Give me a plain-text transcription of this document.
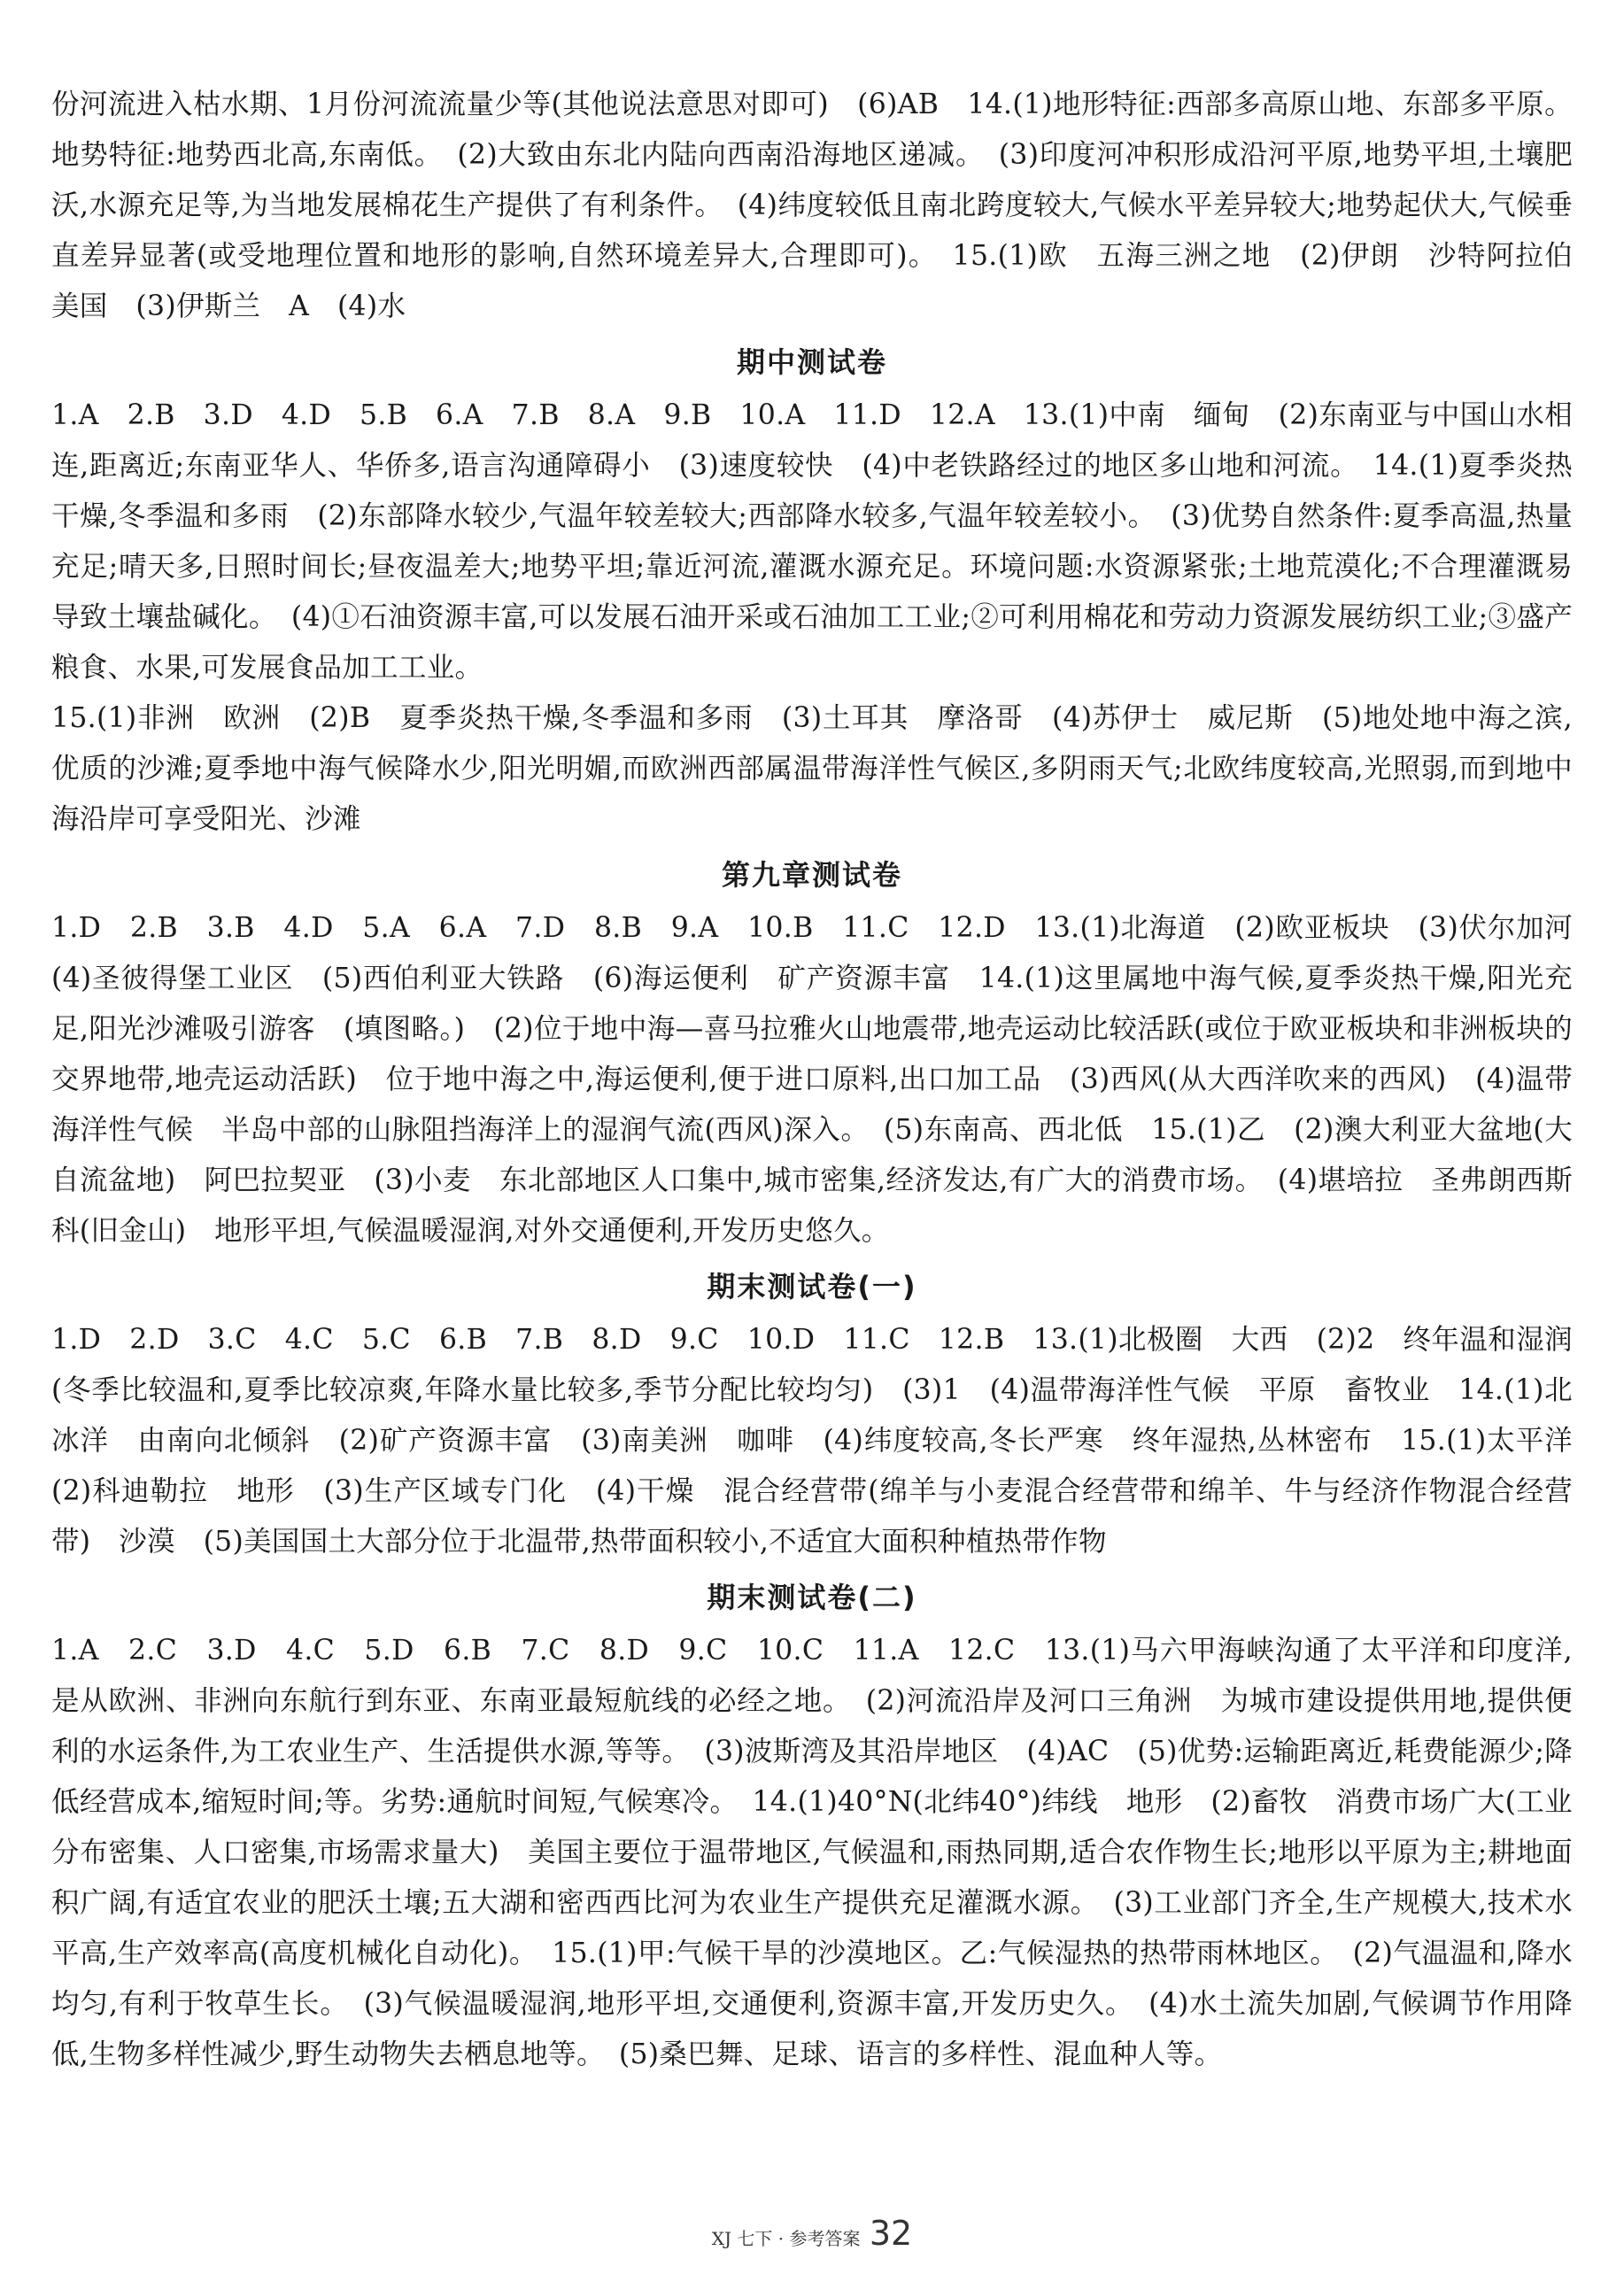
份河流进入枯水期、1月份河流流量少等(其他说法意思对即可)　(6)AB　14.(1)地形特征:西部多高原山地、东部多平原。地势特征:地势西北高,东南低。　(2)大致由东北内陆向西南沿海地区递减。　(3)印度河冲积形成沿河平原,地势平坦,土壤肥沃,水源充足等,为当地发展棉花生产提供了有利条件。　(4)纬度较低且南北跨度较大,气候水平差异较大;地势起伏大,气候垂直差异显著(或受地理位置和地形的影响,自然环境差异大,合理即可)。　15.(1)欧　五海三洲之地　(2)伊朗　沙特阿拉伯　美国　(3)伊斯兰　A　(4)水

期中测试卷

1.A　2.B　3.D　4.D　5.B　6.A　7.B　8.A　9.B　10.A　11.D　12.A　13.(1)中南　缅甸　(2)东南亚与中国山水相连,距离近;东南亚华人、华侨多,语言沟通障碍小　(3)速度较快　(4)中老铁路经过的地区多山地和河流。　14.(1)夏季炎热干燥,冬季温和多雨　(2)东部降水较少,气温年较差较大;西部降水较多,气温年较差较小。　(3)优势自然条件:夏季高温,热量充足;晴天多,日照时间长;昼夜温差大;地势平坦;靠近河流,灌溉水源充足。环境问题:水资源紧张;土地荒漠化;不合理灌溉易导致土壤盐碱化。　(4)①石油资源丰富,可以发展石油开采或石油加工工业;②可利用棉花和劳动力资源发展纺织工业;③盛产粮食、水果,可发展食品加工工业。

15.(1)非洲　欧洲　(2)B　夏季炎热干燥,冬季温和多雨　(3)土耳其　摩洛哥　(4)苏伊士　威尼斯　(5)地处地中海之滨,优质的沙滩;夏季地中海气候降水少,阳光明媚,而欧洲西部属温带海洋性气候区,多阴雨天气;北欧纬度较高,光照弱,而到地中海沿岸可享受阳光、沙滩

第九章测试卷

1.D　2.B　3.B　4.D　5.A　6.A　7.D　8.B　9.A　10.B　11.C　12.D　13.(1)北海道　(2)欧亚板块　(3)伏尔加河　(4)圣彼得堡工业区　(5)西伯利亚大铁路　(6)海运便利　矿产资源丰富　14.(1)这里属地中海气候,夏季炎热干燥,阳光充足,阳光沙滩吸引游客　(填图略。)　(2)位于地中海—喜马拉雅火山地震带,地壳运动比较活跃(或位于欧亚板块和非洲板块的交界地带,地壳运动活跃)　位于地中海之中,海运便利,便于进口原料,出口加工品　(3)西风(从大西洋吹来的西风)　(4)温带海洋性气候　半岛中部的山脉阻挡海洋上的湿润气流(西风)深入。　(5)东南高、西北低　15.(1)乙　(2)澳大利亚大盆地(大自流盆地)　阿巴拉契亚　(3)小麦　东北部地区人口集中,城市密集,经济发达,有广大的消费市场。　(4)堪培拉　圣弗朗西斯科(旧金山)　地形平坦,气候温暖湿润,对外交通便利,开发历史悠久。

期末测试卷(一)

1.D　2.D　3.C　4.C　5.C　6.B　7.B　8.D　9.C　10.D　11.C　12.B　13.(1)北极圈　大西　(2)2　终年温和湿润(冬季比较温和,夏季比较凉爽,年降水量比较多,季节分配比较均匀)　(3)1　(4)温带海洋性气候　平原　畜牧业　14.(1)北冰洋　由南向北倾斜　(2)矿产资源丰富　(3)南美洲　咖啡　(4)纬度较高,冬长严寒　终年湿热,丛林密布　15.(1)太平洋　(2)科迪勒拉　地形　(3)生产区域专门化　(4)干燥　混合经营带(绵羊与小麦混合经营带和绵羊、牛与经济作物混合经营带)　沙漠　(5)美国国土大部分位于北温带,热带面积较小,不适宜大面积种植热带作物

期末测试卷(二)

1.A　2.C　3.D　4.C　5.D　6.B　7.C　8.D　9.C　10.C　11.A　12.C　13.(1)马六甲海峡沟通了太平洋和印度洋,是从欧洲、非洲向东航行到东亚、东南亚最短航线的必经之地。　(2)河流沿岸及河口三角洲　为城市建设提供用地,提供便利的水运条件,为工农业生产、生活提供水源,等等。　(3)波斯湾及其沿岸地区　(4)AC　(5)优势:运输距离近,耗费能源少;降低经营成本,缩短时间;等。劣势:通航时间短,气候寒冷。　14.(1)40°N(北纬40°)纬线　地形　(2)畜牧　消费市场广大(工业分布密集、人口密集,市场需求量大)　美国主要位于温带地区,气候温和,雨热同期,适合农作物生长;地形以平原为主;耕地面积广阔,有适宜农业的肥沃土壤;五大湖和密西西比河为农业生产提供充足灌溉水源。　(3)工业部门齐全,生产规模大,技术水平高,生产效率高(高度机械化自动化)。　15.(1)甲:气候干旱的沙漠地区。乙:气候湿热的热带雨林地区。　(2)气温温和,降水均匀,有利于牧草生长。　(3)气候温暖湿润,地形平坦,交通便利,资源丰富,开发历史久。　(4)水土流失加剧,气候调节作用降低,生物多样性减少,野生动物失去栖息地等。　(5)桑巴舞、足球、语言的多样性、混血种人等。

XJ 七下 · 参考答案 32
